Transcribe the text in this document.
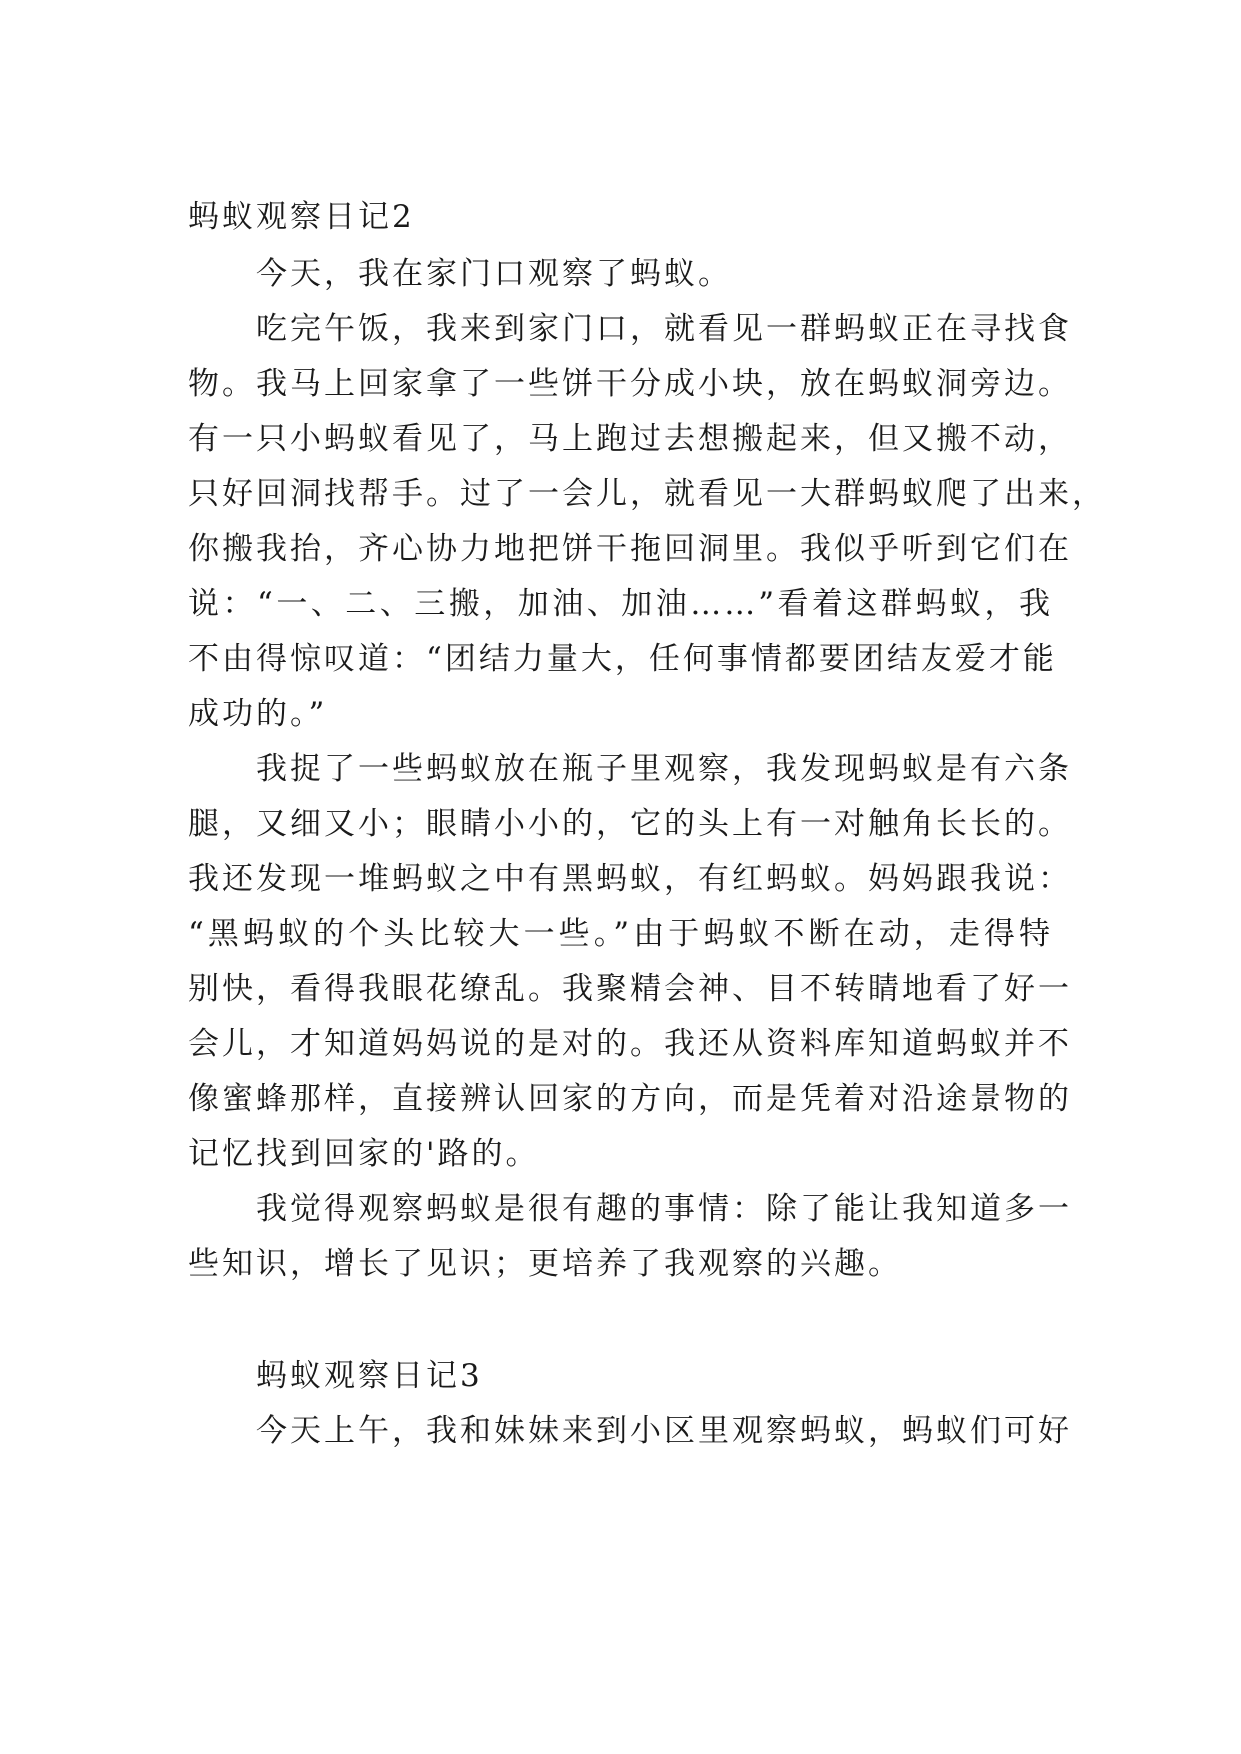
蚂蚁观察日记2
今天，我在家门口观察了蚂蚁。
吃完午饭，我来到家门口，就看见一群蚂蚁正在寻找食
物。我马上回家拿了一些饼干分成小块，放在蚂蚁洞旁边。
有一只小蚂蚁看见了，马上跑过去想搬起来，但又搬不动，
只好回洞找帮手。过了一会儿，就看见一大群蚂蚁爬了出来，
你搬我抬，齐心协力地把饼干拖回洞里。我似乎听到它们在
说：“一、二、三搬，加油、加油……”看着这群蚂蚁，我
不由得惊叹道：“团结力量大，任何事情都要团结友爱才能
成功的。”
我捉了一些蚂蚁放在瓶子里观察，我发现蚂蚁是有六条
腿，又细又小；眼睛小小的，它的头上有一对触角长长的。
我还发现一堆蚂蚁之中有黑蚂蚁，有红蚂蚁。妈妈跟我说：
“黑蚂蚁的个头比较大一些。”由于蚂蚁不断在动，走得特
别快，看得我眼花缭乱。我聚精会神、目不转睛地看了好一
会儿，才知道妈妈说的是对的。我还从资料库知道蚂蚁并不
像蜜蜂那样，直接辨认回家的方向，而是凭着对沿途景物的
记忆找到回家的'路的。
我觉得观察蚂蚁是很有趣的事情：除了能让我知道多一
些知识，增长了见识；更培养了我观察的兴趣。
蚂蚁观察日记3
今天上午，我和妹妹来到小区里观察蚂蚁，蚂蚁们可好
